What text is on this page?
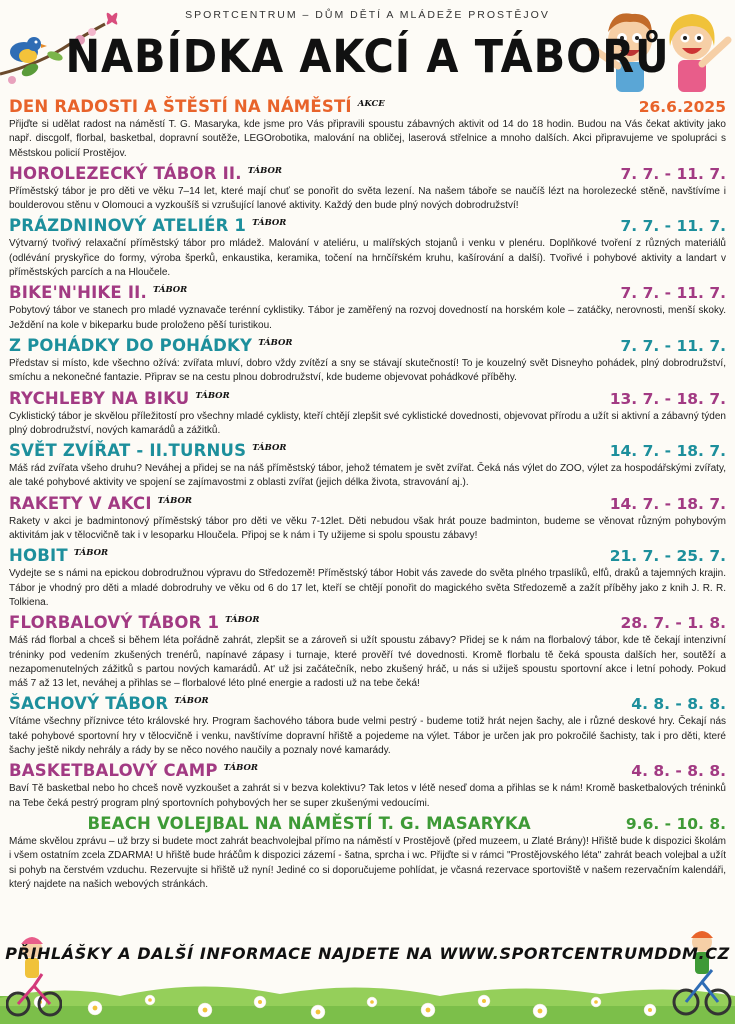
SPORTCENTRUM – DŮM DĚTÍ A MLÁDEŽE PROSTĚJOV
NABÍDKA AKCÍ A TÁBORŮ
DEN RADOSTI A ŠTĚSTÍ NA NÁMĚSTÍ AKCE	26.6.2025
Přijďte si udělat radost na náměstí T. G. Masaryka, kde jsme pro Vás připravili spoustu zábavných aktivit od 14 do 18 hodin. Budou na Vás čekat aktivity jako např. discgolf, florbal, basketbal, dopravní soutěže, LEGOrobotika, malování na obličej, laserová střelnice a mnoho dalších. Akci připravujeme ve spolupráci s Městskou policií Prostějov.
HOROLEZECKÝ TÁBOR II. TÁBOR	7. 7. - 11. 7.
Příměstský tábor je pro děti ve věku 7–14 let, které mají chuť se ponořit do světa lezení. Na našem táboře se naučíš lézt na horolezecké stěně, navštívíme i boulderovou stěnu v Olomouci a vyzkoušíš si vzrušující lanové aktivity. Každý den bude plný nových dobrodružství!
PRÁZDNINOVÝ ATELIÉR 1 TÁBOR	7. 7. - 11. 7.
Výtvarný tvořivý relaxační příměstský tábor pro mládež. Malování v ateliéru, u malířských stojanů i venku v plenéru. Doplňkové tvoření z různých materiálů (odlévání pryskyřice do formy, výroba šperků, enkaustika, keramika, točení na hrnčířském kruhu, kašírování a další). Tvořivé i pohybové aktivity a landart v příměstských parcích a na Hloučele.
BIKE'N'HIKE II. TÁBOR	7. 7. - 11. 7.
Pobytový tábor ve stanech pro mladé vyznavače terénní cyklistiky. Tábor je zaměřený na rozvoj dovedností na horském kole – zatáčky, nerovnosti, menší skoky. Ježdění na kole v bikeparku bude proloženo pěší turistikou.
Z POHÁDKY DO POHÁDKY TÁBOR	7. 7. - 11. 7.
Představ si místo, kde všechno ožívá: zvířata mluví, dobro vždy zvítězí a sny se stávají skutečností! To je kouzelný svět Disneyho pohádek, plný dobrodružství, smíchu a nekonečné fantazie. Připrav se na cestu plnou dobrodružství, kde budeme objevovat pohádkové příběhy.
RYCHLEBY NA BIKU TÁBOR	13. 7. - 18. 7.
Cyklistický tábor je skvělou příležitostí pro všechny mladé cyklisty, kteří chtějí zlepšit své cyklistické dovednosti, objevovat přírodu a užít si aktivní a zábavný týden plný dobrodružství, nových kamarádů a zážitků.
SVĚT ZVÍŘAT - II.TURNUS TÁBOR	14. 7. - 18. 7.
Máš rád zvířata všeho druhu? Neváhej a přidej se na náš příměstský tábor, jehož tématem je svět zvířat. Čeká nás výlet do ZOO, výlet za hospodářskými zvířaty, ale také pohybové aktivity ve spojení se zajímavostmi z oblasti zvířat (jejich délka života, stravování aj.).
RAKETY V AKCI TÁBOR	14. 7. - 18. 7.
Rakety v akci je badmintonový příměstský tábor pro děti ve věku 7-12let. Děti nebudou však hrát pouze badminton, budeme se věnovat různým pohybovým aktivitám jak v tělocvičně tak i v lesoparku Hloučela. Připoj se k nám i Ty užijeme si spolu spoustu zábavy!
HOBIT TÁBOR	21. 7. - 25. 7.
Vydejte se s námi na epickou dobrodružnou výpravu do Středozemě! Příměstský tábor Hobit vás zavede do světa plného trpaslíků, elfů, draků a tajemných krajin. Tábor je vhodný pro děti a mladé dobrodruhy ve věku od 6 do 17 let, kteří se chtějí ponořit do magického světa Středozemě a zažít příběhy jako z knih J. R. R. Tolkiena.
FLORBALOVÝ TÁBOR 1 TÁBOR	28. 7. - 1. 8.
Máš rád florbal a chceš si během léta pořádně zahrát, zlepšit se a zároveň si užít spoustu zábavy? Přidej se k nám na florbalový tábor, kde tě čekají intenzivní tréninky pod vedením zkušených trenérů, napínavé zápasy i turnaje, které prověří tvé dovednosti. Kromě florbalu tě čeká spousta dalších her, soutěží a nezapomenutelných zážitků s partou nových kamarádů. At' už jsi začátečník, nebo zkušený hráč, u nás si užiješ spoustu sportovní akce i letní pohody. Pokud máš 7 až 13 let, neváhej a přihlas se – florbalové léto plné energie a radosti už na tebe čeká!
ŠACHOVÝ TÁBOR TÁBOR	4. 8. - 8. 8.
Vítáme všechny příznivce této královské hry. Program šachového tábora bude velmi pestrý - budeme totiž hrát nejen šachy, ale i různé deskové hry. Čekají nás také pohybové sportovní hry v tělocvičně i venku, navštívíme dopravní hřiště a pojedeme na výlet. Tábor je určen jak pro pokročilé šachisty, tak i pro děti, které šachy ještě nikdy nehrály a rády by se něco nového naučily a poznaly nové kamarády.
BASKETBALOVÝ CAMP TÁBOR	4. 8. - 8. 8.
Baví Tě basketbal nebo ho chceš nově vyzkoušet a zahrát si v bezva kolektivu? Tak letos v létě neseď doma a přihlas se k nám! Kromě basketbalových tréninků na Tebe čeká pestrý program plný sportovních pohybových her se super zkušenými vedoucími.
BEACH VOLEJBAL NA NÁMĚSTÍ T. G. MASARYKA	9.6. - 10. 8.
Máme skvělou zprávu – už brzy si budete moct zahrát beachvolejbal přímo na náměstí v Prostějově (před muzeem, u Zlaté Brány)! Hřiště bude k dispozici školám i všem ostatním zcela ZDARMA! U hřiště bude hráčům k dispozici zázemí - šatna, sprcha i wc. Přijďte si v rámci "Prostějovského léta" zahrát beach volejbal a užít si pohyb na čerstvém vzduchu. Rezervujte si hřiště už nyní! Jediné co si doporučujeme pohlídat, je včasná rezervace sportoviště v našem rezervačním kalendáři, který najdete na našich webových stránkách.
PŘIHLÁŠKY A DALŠÍ INFORMACE NAJDETE NA WWW.SPORTCENTRUMDDM.CZ
